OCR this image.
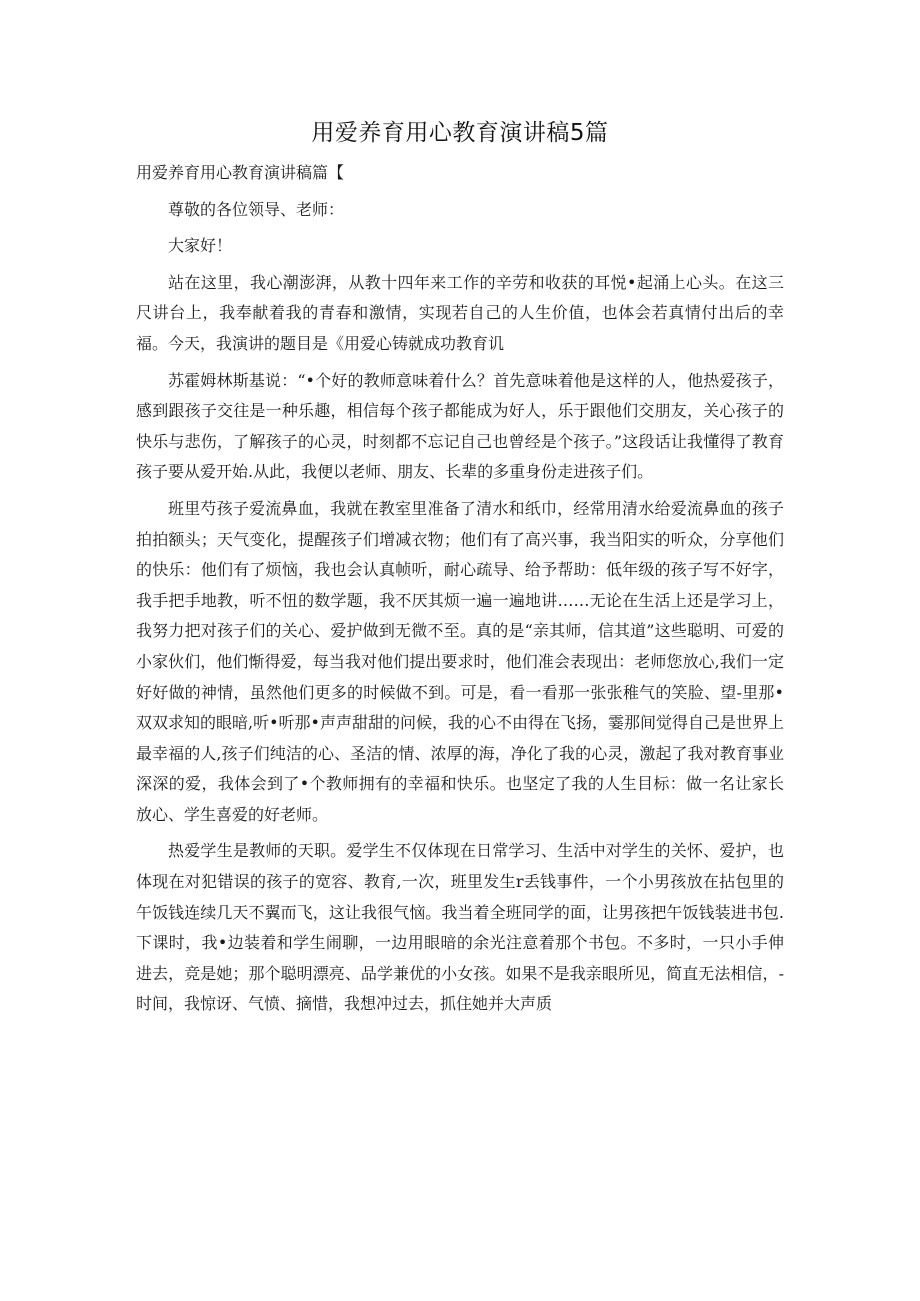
用爱养育用心教育演讲稿5篇

用爱养育用心教育演讲稿篇【

尊敬的各位领导、老师：

大家好！

站在这里，我心潮澎湃，从教十四年来工作的辛劳和收获的耳悦•起涌上心头。在这三尺讲台上，我奉献着我的青春和激情，实现若自己的人生价值，也体会若真情付出后的幸福。今天，我演讲的题目是《用爱心铸就成功教育讥

苏霍姆林斯基说：“•个好的教师意味着什么？首先意味着他是这样的人，他热爱孩子，感到跟孩子交往是一种乐趣，相信每个孩子都能成为好人，乐于跟他们交朋友，关心孩子的快乐与悲伤，了解孩子的心灵，时刻都不忘记自己也曾经是个孩子。”这段话让我懂得了教育孩子要从爱开始.从此，我便以老师、朋友、长辈的多重身份走进孩子们。

班里芍孩子爱流鼻血，我就在教室里准备了清水和纸巾，经常用清水给爱流鼻血的孩子拍拍额头；天气变化，提醒孩子们增减衣物；他们有了高兴事，我当阳实的听众，分享他们的快乐：他们有了烦恼，我也会认真帧听，耐心疏导、给予帮助：低年级的孩子写不好字，我手把手地教，听不忸的数学题，我不厌其烦一遍一遍地讲……无论在生活上还是学习上，我努力把对孩子们的关心、爱护做到无微不至。真的是“亲其师，信其道”这些聪明、可爱的小家伙们，他们惭得爱，每当我对他们提出要求时，他们准会表现出：老师您放心,我们一定好好做的神情，虽然他们更多的时候做不到。可是，看一看那一张张稚气的笑脸、望-里那•双双求知的眼暗,听•听那•声声甜甜的问候，我的心不由得在飞扬，霎那间觉得自己是世界上最幸福的人,孩子们纯洁的心、圣洁的情、浓厚的海，净化了我的心灵，激起了我对教育事业深深的爱，我体会到了•个教师拥有的幸福和快乐。也坚定了我的人生目标：做一名让家长放心、学生喜爱的好老师。

热爱学生是教师的天职。爱学生不仅体现在日常学习、生活中对学生的关怀、爱护，也体现在对犯错误的孩子的宽容、教育,一次，班里发生r丢钱事件，一个小男孩放在拈包里的午饭钱连续几天不翼而飞，这让我很气恼。我当着全班同学的面，让男孩把午饭钱装进书包.下课时，我•边装着和学生闹聊，一边用眼暗的余光注意着那个书包。不多时，一只小手伸进去，竞是她；那个聪明漂亮、品学兼优的小女孩。如果不是我亲眼所见，简直无法相信，-时间，我惊讶、气愤、摘惜，我想冲过去，抓住她并大声质
